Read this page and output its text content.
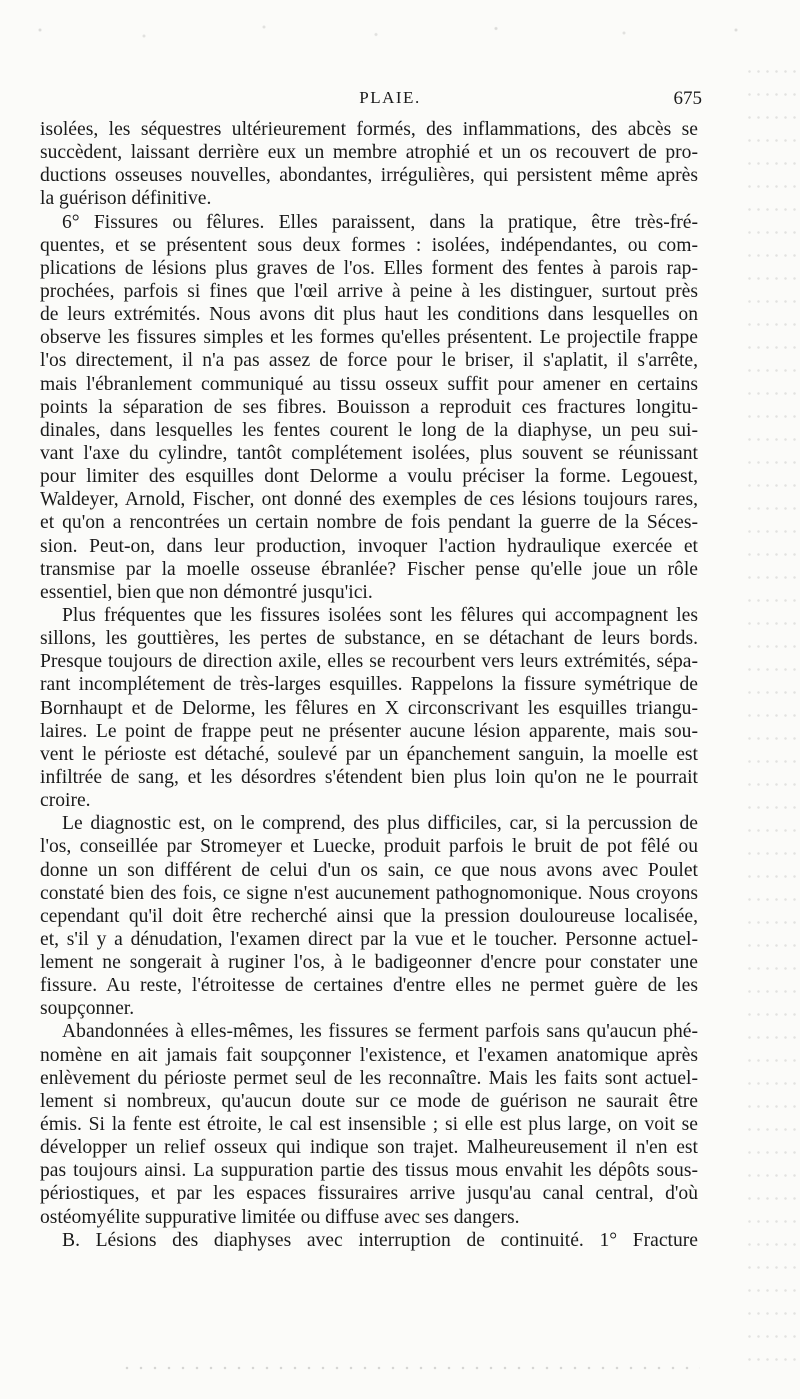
PLAIE.	675
isolées, les séquestres ultérieurement formés, des inflammations, des abcès se
succèdent, laissant derrière eux un membre atrophié et un os recouvert de pro-
ductions osseuses nouvelles, abondantes, irrégulières, qui persistent même après
la guérison définitive.
6° Fissures ou fêlures. Elles paraissent, dans la pratique, être très-fré-
quentes, et se présentent sous deux formes : isolées, indépendantes, ou com-
plications de lésions plus graves de l'os. Elles forment des fentes à parois rap-
prochées, parfois si fines que l'œil arrive à peine à les distinguer, surtout près
de leurs extrémités. Nous avons dit plus haut les conditions dans lesquelles on
observe les fissures simples et les formes qu'elles présentent. Le projectile frappe
l'os directement, il n'a pas assez de force pour le briser, il s'aplatit, il s'arrête,
mais l'ébranlement communiqué au tissu osseux suffit pour amener en certains
points la séparation de ses fibres. Bouisson a reproduit ces fractures longitu-
dinales, dans lesquelles les fentes courent le long de la diaphyse, un peu sui-
vant l'axe du cylindre, tantôt complétement isolées, plus souvent se réunissant
pour limiter des esquilles dont Delorme a voulu préciser la forme. Legouest,
Waldeyer, Arnold, Fischer, ont donné des exemples de ces lésions toujours rares,
et qu'on a rencontrées un certain nombre de fois pendant la guerre de la Séces-
sion. Peut-on, dans leur production, invoquer l'action hydraulique exercée et
transmise par la moelle osseuse ébranlée? Fischer pense qu'elle joue un rôle
essentiel, bien que non démontré jusqu'ici.
Plus fréquentes que les fissures isolées sont les fêlures qui accompagnent les
sillons, les gouttières, les pertes de substance, en se détachant de leurs bords.
Presque toujours de direction axile, elles se recourbent vers leurs extrémités, sépa-
rant incomplétement de très-larges esquilles. Rappelons la fissure symétrique de
Bornhaupt et de Delorme, les fêlures en X circonscrivant les esquilles triangu-
laires. Le point de frappe peut ne présenter aucune lésion apparente, mais sou-
vent le périoste est détaché, soulevé par un épanchement sanguin, la moelle est
infiltrée de sang, et les désordres s'étendent bien plus loin qu'on ne le pourrait
croire.
Le diagnostic est, on le comprend, des plus difficiles, car, si la percussion de
l'os, conseillée par Stromeyer et Luecke, produit parfois le bruit de pot fêlé ou
donne un son différent de celui d'un os sain, ce que nous avons avec Poulet
constaté bien des fois, ce signe n'est aucunement pathognomonique. Nous croyons
cependant qu'il doit être recherché ainsi que la pression douloureuse localisée,
et, s'il y a dénudation, l'examen direct par la vue et le toucher. Personne actuel-
lement ne songerait à ruginer l'os, à le badigeonner d'encre pour constater une
fissure. Au reste, l'étroitesse de certaines d'entre elles ne permet guère de les
soupçonner.
Abandonnées à elles-mêmes, les fissures se ferment parfois sans qu'aucun phé-
nomène en ait jamais fait soupçonner l'existence, et l'examen anatomique après
enlèvement du périoste permet seul de les reconnaître. Mais les faits sont actuel-
lement si nombreux, qu'aucun doute sur ce mode de guérison ne saurait être
émis. Si la fente est étroite, le cal est insensible ; si elle est plus large, on voit se
développer un relief osseux qui indique son trajet. Malheureusement il n'en est
pas toujours ainsi. La suppuration partie des tissus mous envahit les dépôts sous-
périostiques, et par les espaces fissuraires arrive jusqu'au canal central, d'où
ostéomyélite suppurative limitée ou diffuse avec ses dangers.
B. Lésions des diaphyses avec interruption de continuité. 1° Fracture
